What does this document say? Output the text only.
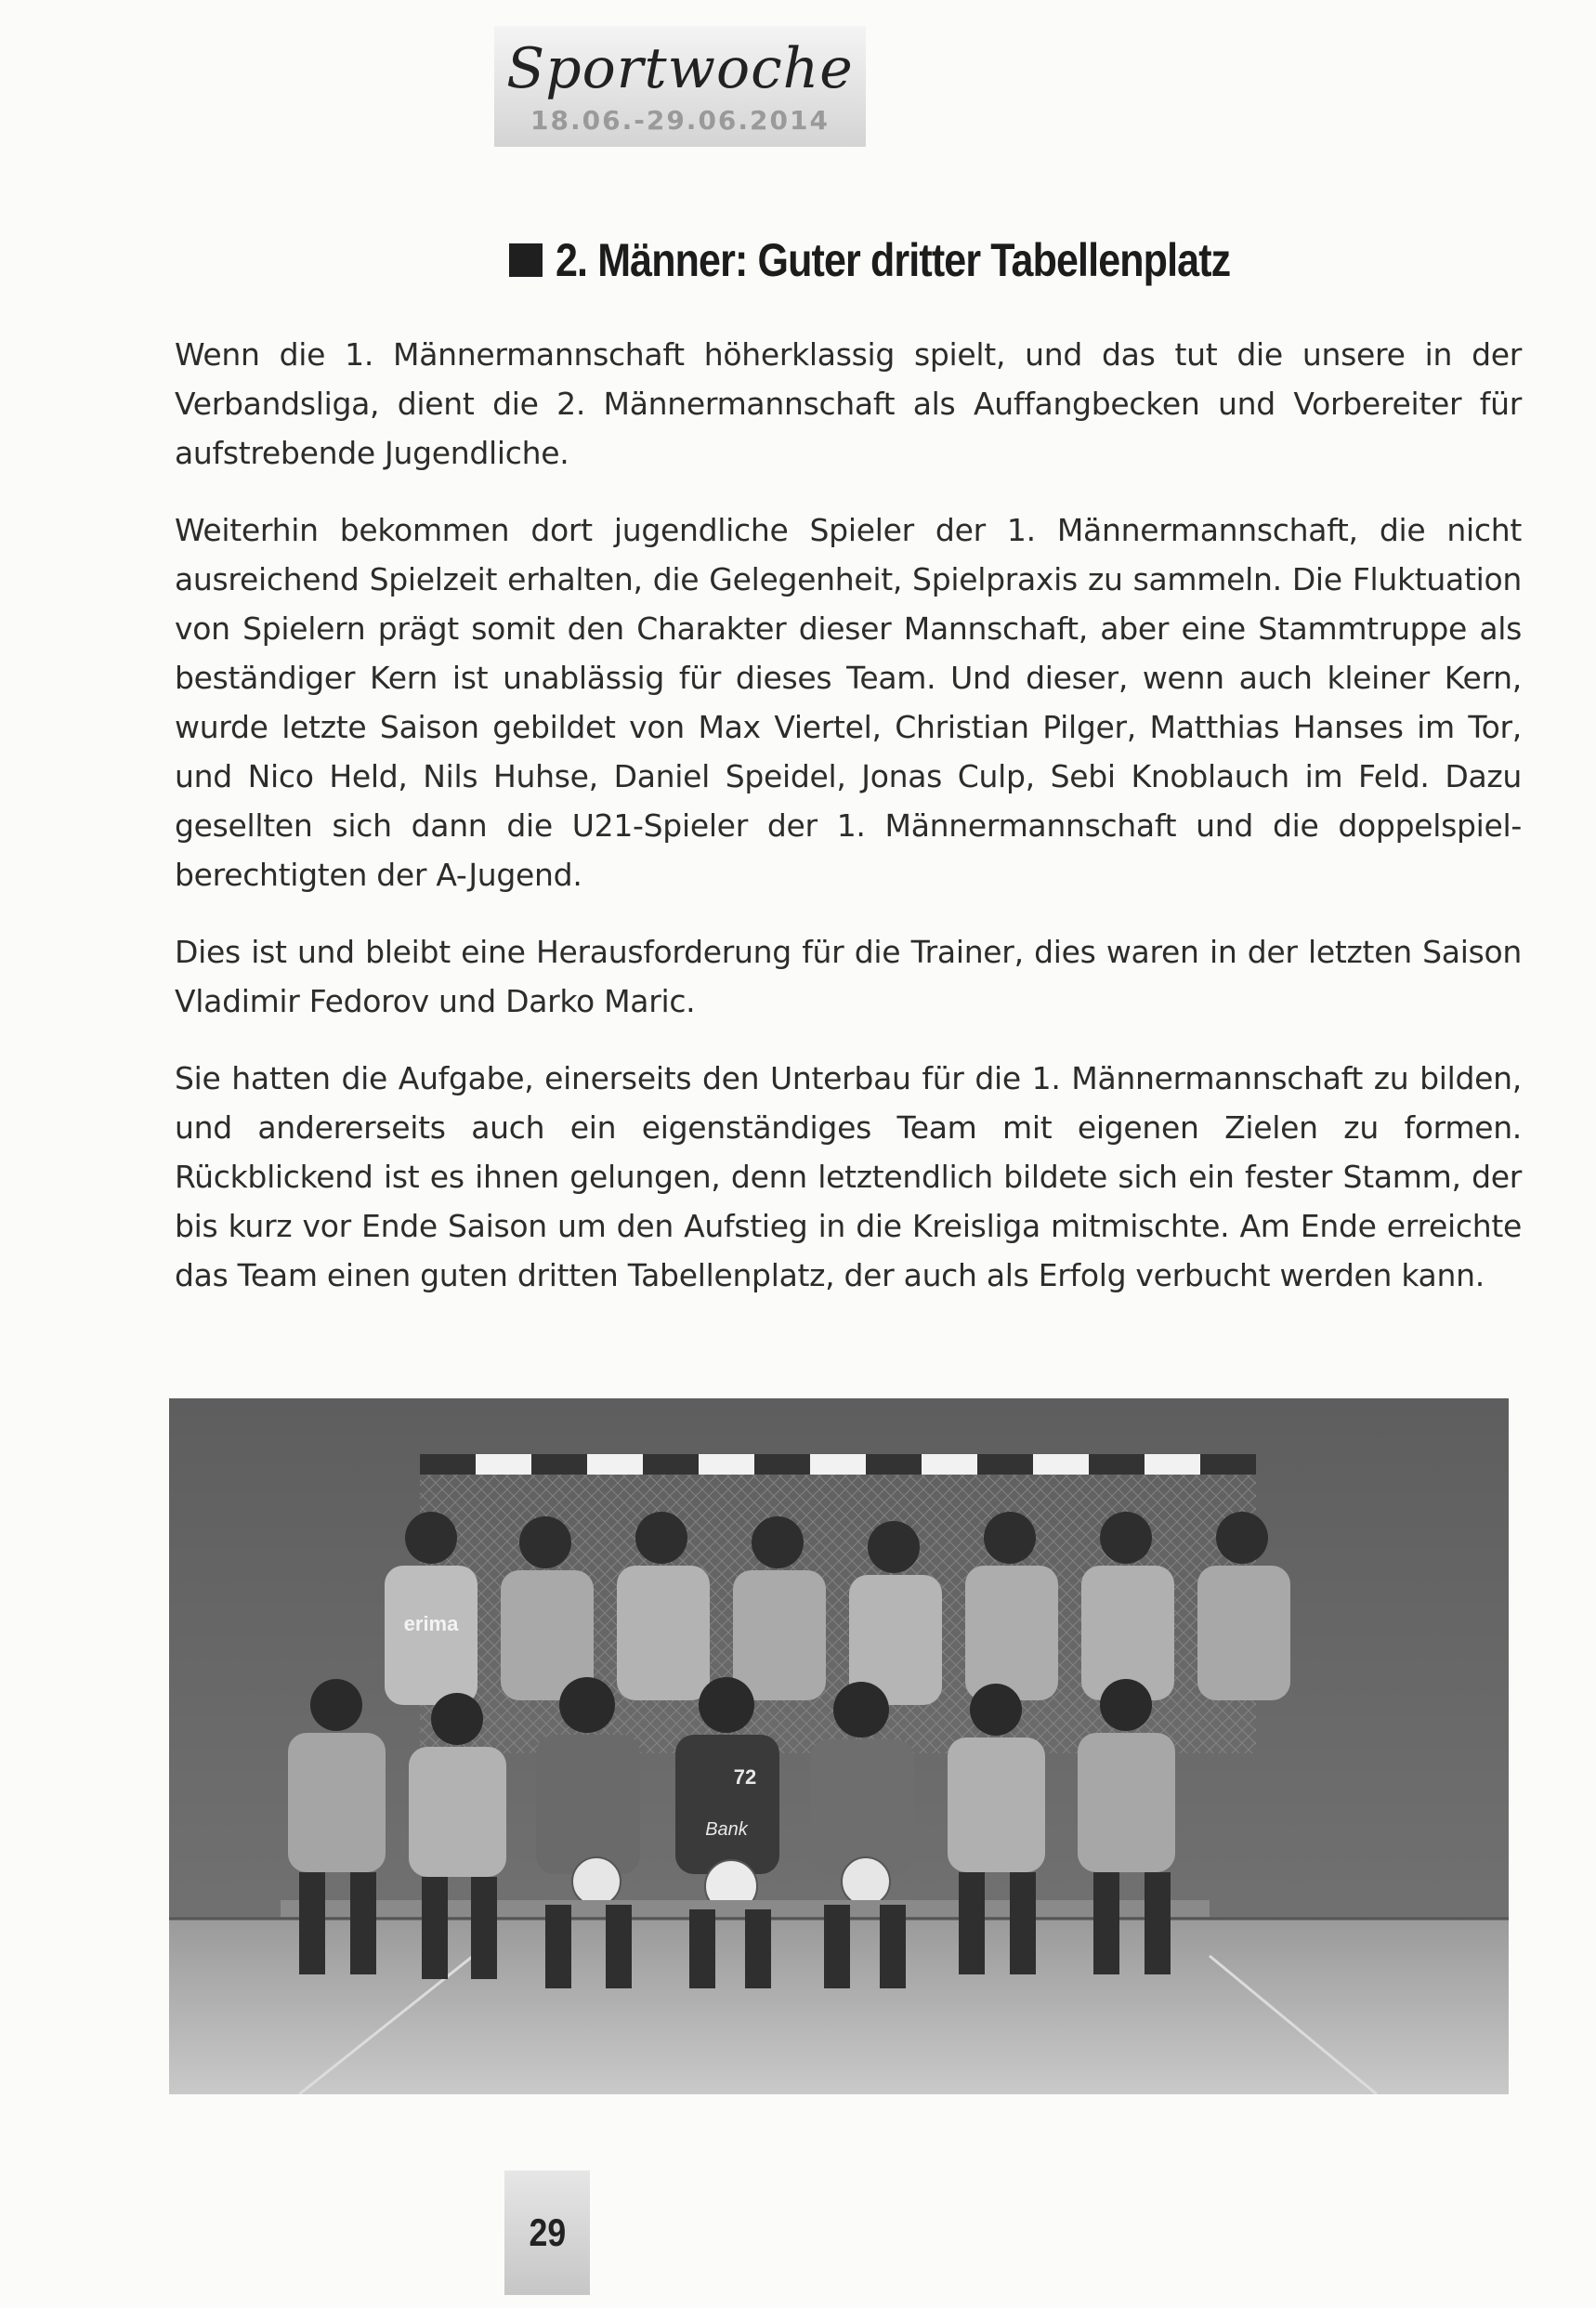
Sportwoche
18.06.-29.06.2014
2. Männer: Guter dritter Tabellenplatz

Wenn die 1. Männermannschaft höherklassig spielt, und das tut die unsere in der Verbandsliga, dient die 2. Männermannschaft als Auffangbecken und Vorbereiter für aufstrebende Jugendliche.

Weiterhin bekommen dort jugendliche Spieler der 1. Männermannschaft, die nicht ausreichend Spielzeit erhalten, die Gelegenheit, Spielpraxis zu sammeln. Die Fluktuation von Spielern prägt somit den Charakter dieser Mannschaft, aber eine Stammtruppe als beständiger Kern ist unablässig für dieses Team. Und dieser, wenn auch kleiner Kern, wurde letzte Saison gebildet von Max Viertel, Christian Pilger, Matthias Hanses im Tor, und Nico Held, Nils Huhse, Daniel Speidel, Jonas Culp, Sebi Knoblauch im Feld. Dazu gesellten sich dann die U21-Spieler der 1. Männermannschaft und die doppelspiel-berechtigten der A-Jugend.

Dies ist und bleibt eine Herausforderung für die Trainer, dies waren in der letzten Saison Vladimir Fedorov und Darko Maric.

Sie hatten die Aufgabe, einerseits den Unterbau für die 1. Männermannschaft zu bilden, und andererseits auch ein eigenständiges Team mit eigenen Zielen zu formen. Rückblickend ist es ihnen gelungen, denn letztendlich bildete sich ein fester Stamm, der bis kurz vor Ende Saison um den Aufstieg in die Kreisliga mitmischte. Am Ende erreichte das Team einen guten dritten Tabellenplatz, der auch als Erfolg verbucht werden kann.

erima
72
Bank
29
